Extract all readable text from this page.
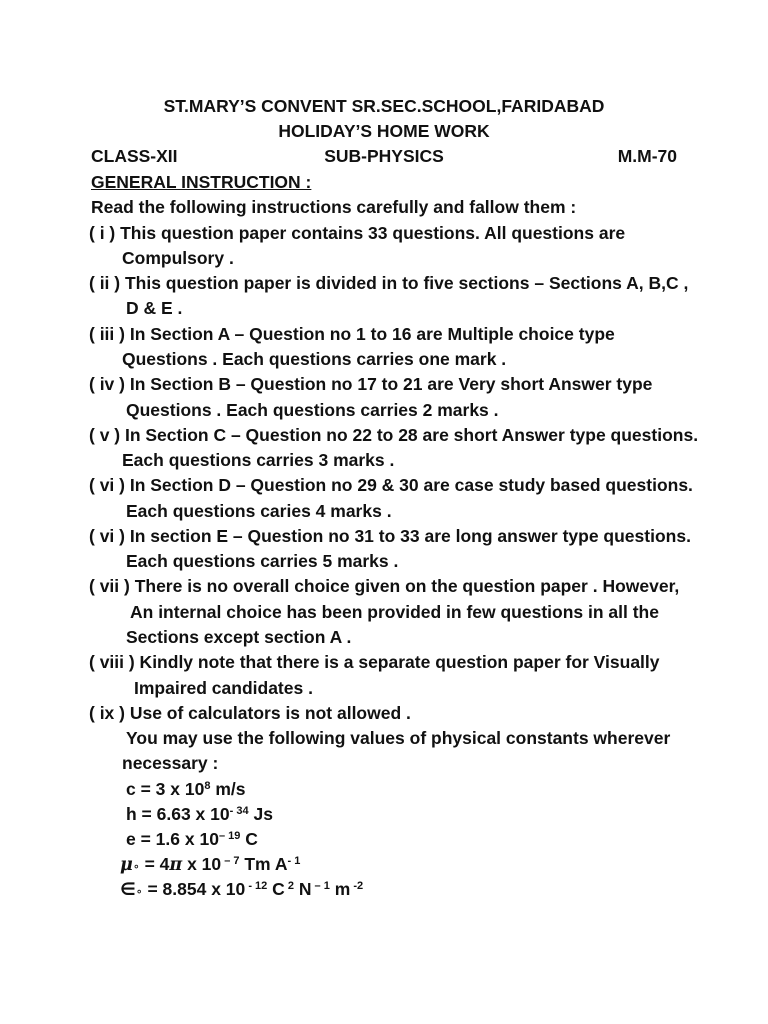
ST.MARY’S CONVENT SR.SEC.SCHOOL,FARIDABAD
HOLIDAY’S HOME WORK
CLASS-XII	SUB-PHYSICS	M.M-70
GENERAL INSTRUCTION :
Read the following instructions carefully and fallow them :
( i ) This question paper contains 33 questions. All questions are
Compulsory .
( ii ) This question paper is divided in to five sections – Sections A, B,C ,
D & E .
( iii ) In Section A – Question no 1 to 16 are Multiple choice type
Questions . Each questions carries one mark .
( iv ) In Section B – Question no 17 to 21 are Very short Answer type
Questions . Each questions carries 2 marks .
( v ) In Section C – Question no 22 to 28 are short Answer type questions.
Each questions carries 3 marks .
( vi ) In Section D – Question no 29 & 30 are case study based questions.
Each questions caries 4 marks .
( vi ) In section E – Question no 31 to 33 are long answer type questions.
Each questions carries 5 marks .
( vii ) There is no overall choice given on the question paper . However,
An internal choice has been provided in few questions in all the
Sections except section A .
( viii ) Kindly note that there is a separate question paper for Visually
Impaired candidates .
( ix ) Use of calculators is not allowed .
You may use the following values of physical constants wherever
necessary :
c = 3 x $10^8$ m/s
h = 6.63 x $10^{- 34}$ Js
e = 1.6 x $10^{- 19}$ C
μ∘ = 4π x 10 $^{- 7}$ Tm $A^{- 1}$
∈∘ = 8.854 x 10 $^{- 12}$ C $^2$ N $^{- 1}$ m $^{-2}$
